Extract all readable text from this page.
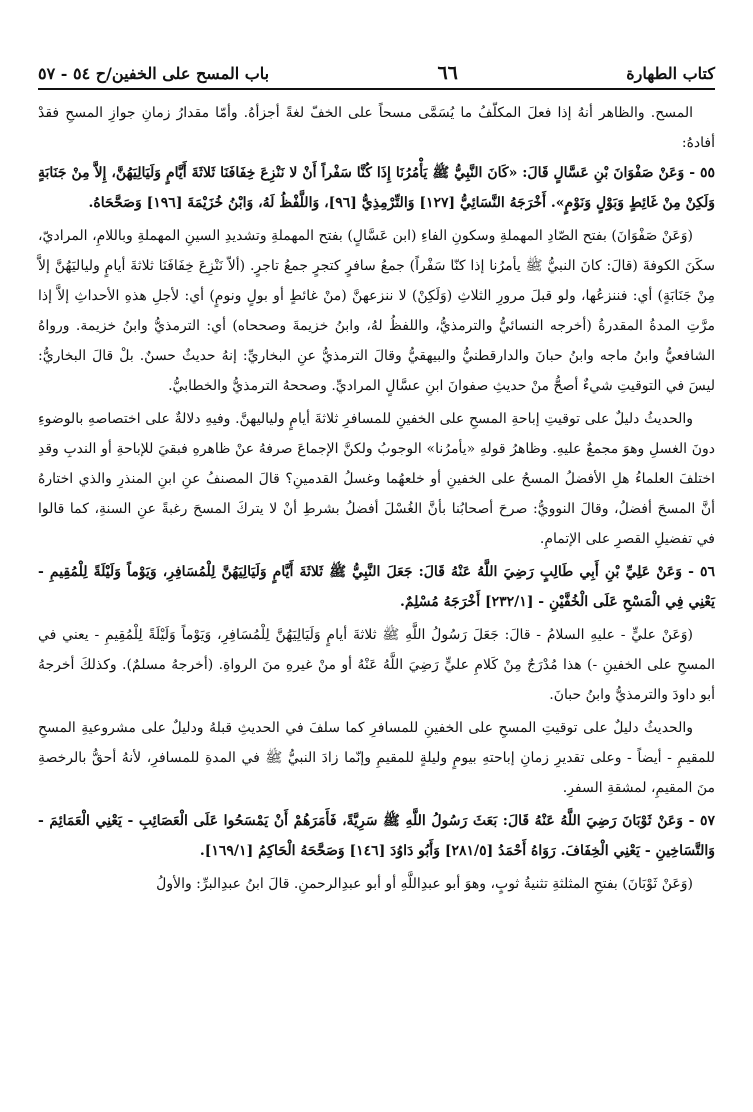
باب المسح على الخفين/ح ٥٤ - ٥٧	٦٦	كتاب الطهارة

المسح. والظاهر أنهُ إذا فعلَ المكلّفُ ما يُسَمَّى مسحاً على الخفّ لغةً أجزأهُ. وأمّا مقدارُ زمانِ جوازِ المسحِ فقدْ أفادهُ:

٥٥ - وَعَنْ صَفْوَانَ بْنِ عَسَّالٍ قَالَ: «كَانَ النَّبِيُّ ﷺ يَأْمُرُنَا إِذَا كُنَّا سَفْراً أَنْ لا نَنْزِعَ خِفَافَنَا ثَلاثَةَ أَيَّامٍ وَلَيَالِيَهُنَّ، إِلاَّ مِنْ جَنَابَةٍ وَلَكِنْ مِنْ غَائِطٍ وَبَوْلٍ وَنَوْمٍ». أَخْرَجَهُ النَّسَائِيُّ [١٢٧] وَالتِّرْمِذِيُّ [٩٦]، وَاللَّفْظُ لَهُ، وَابْنُ خُزَيْمَةَ [١٩٦] وَصَحَّحَاهُ.

(وَعَنْ صَفْوَانَ) بفتح الصّادِ المهملةِ وسكونِ الفاءِ (ابن عَسَّالٍ) بفتح المهملةِ وتشديدِ السينِ المهملةِ وباللامِ، المراديّ، سكَنَ الكوفةَ (قالَ: كانَ النبيُّ ﷺ يأمرُنا إذا كنّا سَفْراً) جمعُ سافرٍ كتجرٍ جمعُ تاجرٍ. (ألاّ نَنْزِعَ خِفَافَنَا ثلاثةَ أيامٍ ولياليَهُنَّ إلاَّ مِنْ جَنَابَةٍ) أي: فننزعُها، ولو قبلَ مرورِ الثلاثِ (وَلَكِنْ) لا ننزعهنَّ (منْ غائطٍ أو بولٍ ونومٍ) أي: لأجلِ هذهِ الأحداثِ إلاَّ إذا مرَّتِ المدةُ المقدرةُ (أخرجه النسائيُّ والترمذيُّ، واللفظُ لهُ، وابنُ خزيمةَ وصححاه) أي: الترمذيُّ وابنُ خزيمة. ورواهُ الشافعيُّ وابنُ ماجه وابنُ حبانَ والدارقطنيُّ والبيهقيُّ وقالَ الترمذيُّ عنِ البخاريِّ: إنهُ حديثٌ حسنٌ. بلْ قالَ البخاريُّ: ليسَ في التوقيتِ شيءٌ أصحُّ منْ حديثِ صفوانَ ابنِ عسَّالٍ المراديِّ. وصححهُ الترمذيُّ والخطابيُّ.

والحديثُ دليلٌ على توقيتِ إباحةِ المسحِ على الخفينِ للمسافرِ ثلاثةَ أيامٍ ولياليهنَّ. وفيهِ دلالةٌ على اختصاصهِ بالوضوءِ دونَ الغسلِ وهوَ مجمعٌ عليهِ. وظاهرُ قولهِ «يأمرُنا» الوجوبُ ولكنَّ الإجماعَ صرفهُ عنْ ظاهرهِ فبقيَ للإباحةِ أو الندبِ وقدِ اختلفَ العلماءُ هلِ الأفضلُ المسحُ على الخفينِ أو خلعهُما وغسلُ القدمينِ؟ قالَ المصنفُ عنِ ابنِ المنذرِ والذي اختارهُ أنَّ المسحَ أفضلُ، وقالَ النوويُّ: صرحَ أصحابُنا بأنَّ الغُسْلَ أفضلُ بشرطِ أنْ لا يتركَ المسحَ رغبةً عنِ السنةِ، كما قالوا في تفضيلِ القصرِ على الإتمامِ.

٥٦ - وَعَنْ عَلِيِّ بْنِ أَبِي طَالِبٍ رَضِيَ اللَّهُ عَنْهُ قَالَ: جَعَلَ النَّبِيُّ ﷺ ثَلاثَةَ أَيَّامٍ وَلَيَالِيَهُنَّ لِلْمُسَافِرِ، وَيَوْماً وَلَيْلَةً لِلْمُقِيمِ - يَعْنِي فِي الْمَسْحِ عَلَى الْخُفَّيْنِ - [٢٣٢/١] أَخْرَجَهُ مُسْلِمٌ.

(وَعَنْ عليٍّ - عليهِ السلامُ - قالَ: جَعَلَ رَسُولُ اللَّهِ ﷺ ثلاثةَ أيامٍ وَلَيَالِيَهُنَّ لِلْمُسَافِرِ، وَيَوْماً وَلَيْلَةً لِلْمُقِيمِ - يعني في المسحِ على الخفينِ -) هذا مُدْرَجٌ مِنْ كَلامِ عليٍّ رَضِيَ اللَّهُ عَنْهُ أو منْ غيرهِ منَ الرواةِ. (أخرجهُ مسلمٌ). وكذلكَ أخرجهُ أبو داودَ والترمذيُّ وابنُ حبانَ.

والحديثُ دليلٌ على توقيتِ المسحِ على الخفينِ للمسافرِ كما سلفَ في الحديثِ قبلهُ ودليلٌ على مشروعيةِ المسحِ للمقيمِ - أيضاً - وعلى تقديرِ زمانِ إباحتهِ بيومٍ وليلةٍ للمقيمِ وإنّما زادَ النبيُّ ﷺ في المدةِ للمسافرِ، لأنهُ أحقُّ بالرخصةِ منَ المقيمِ، لمشقةِ السفرِ.

٥٧ - وَعَنْ ثَوْبَانَ رَضِيَ اللَّهُ عَنْهُ قَالَ: بَعَثَ رَسُولُ اللَّهِ ﷺ سَرِيَّةً، فَأَمَرَهُمْ أَنْ يَمْسَحُوا عَلَى الْعَصَائِبِ - يَعْنِي الْعَمَائِمَ - وَالتَّسَاخِينِ - يَعْنِي الْخِفَافَ. رَوَاهُ أَحْمَدُ [٢٨١/٥] وَأَبُو دَاوُدَ [١٤٦] وَصَحَّحَهُ الْحَاكِمُ [١٦٩/١].

(وَعَنْ ثَوْبَانَ) بفتحِ المثلثةِ تثنيةُ ثوبٍ، وهوَ أبو عبدِاللَّهِ أو أبو عبدِالرحمنِ. قالَ ابنُ عبدِالبرِّ: والأولُ
